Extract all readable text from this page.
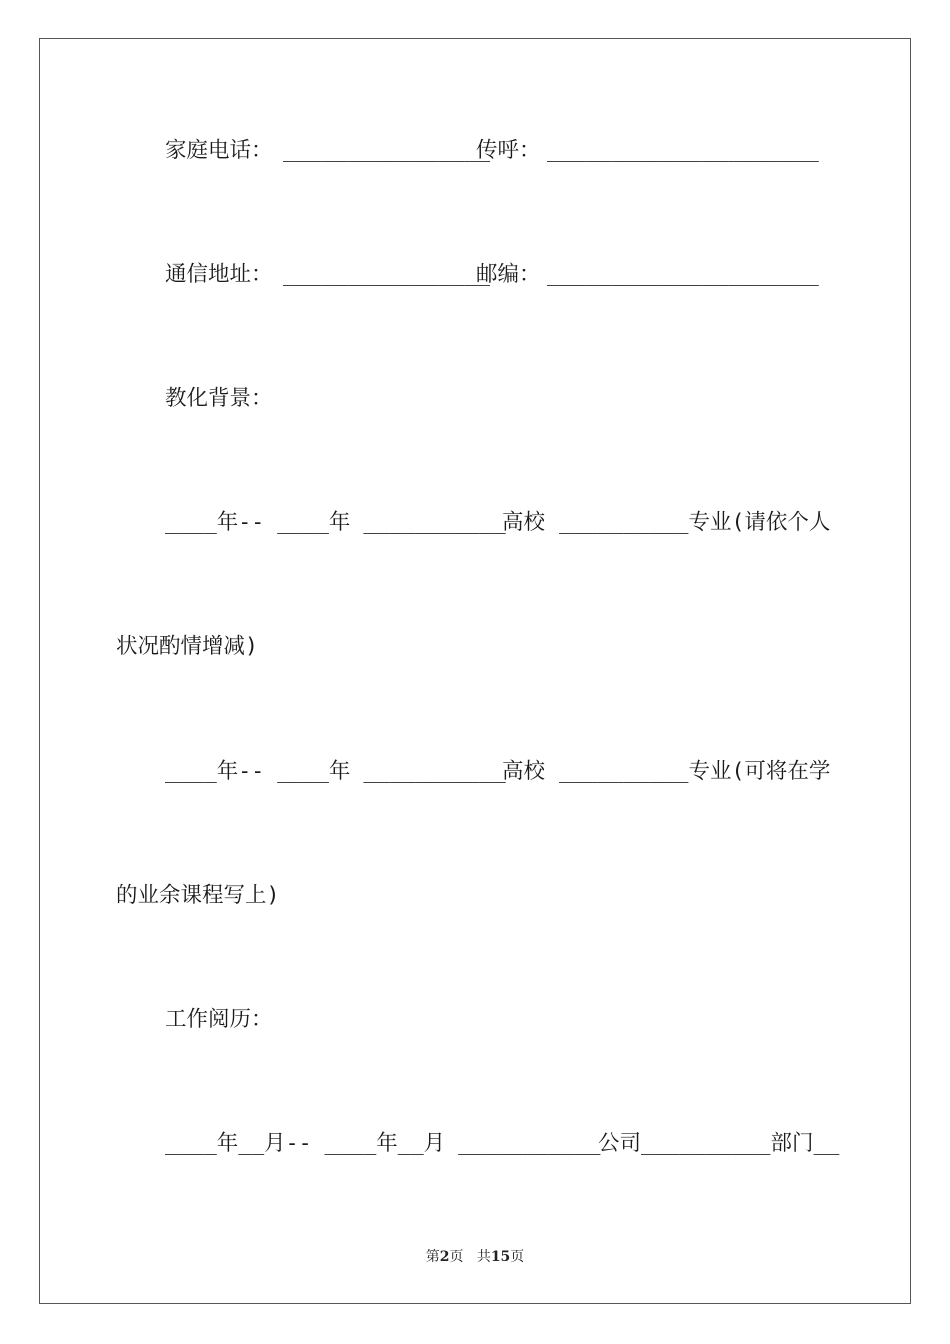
家庭电话：

________________

传呼：

_____________________

通信地址：

________________

邮编：

_____________________

教化背景：

____年-- ____年 ___________

高校

__________专业(请依个人

状况酌情增减)

____年-- ____年 ___________

高校

__________专业(可将在学

的业余课程写上)

工作阅历：

____年__月-- ____年__月 ___________

公司__________部门__

第2页 共15页
